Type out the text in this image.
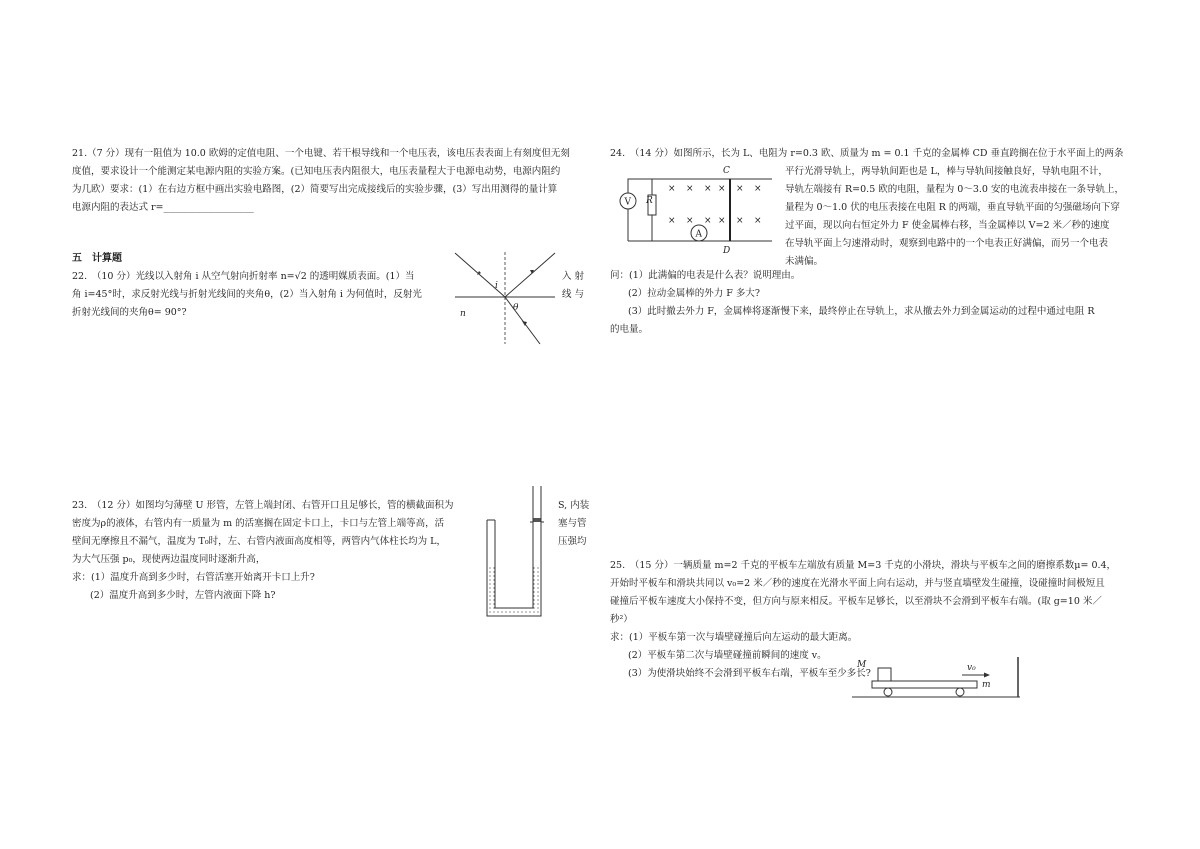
21.（7 分）现有一阻值为 10.0 欧姆的定值电阻、一个电键、若干根导线和一个电压表，该电压表表面上有刻度但无刻

度值，要求设计一个能测定某电源内阻的实验方案。(已知电压表内阻很大，电压表量程大于电源电动势，电源内阻约

为几欧）要求：(1）在右边方框中画出实验电路图，(2）简要写出完成接线后的实验步骤，(3）写出用测得的量计算

电源内阻的表达式 r=___________________

五　计算题

22.　（10 分）光线以入射角 i 从空气射向折射率 n=√2 的透明媒质表面。(1）当

角 i=45°时，求反射光线与折射光线间的夹角θ，(2）当入射角 i 为何值时，反射光

折射光线间的夹角θ= 90°?

入 射

线 与

i
θ
n

23.　（12 分）如图均匀薄壁 U 形管，左管上端封闭、右管开口且足够长，管的横截面积为

密度为ρ的液体，右管内有一质量为 m 的活塞搁在固定卡口上，卡口与左管上端等高，活

壁间无摩擦且不漏气，温度为 T₀时，左、右管内液面高度相等，两管内气体柱长均为 L，

为大气压强 p₀，现使两边温度同时逐渐升高，

求：(1）温度升高到多少时，右管活塞开始离开卡口上升?

(2）温度升高到多少时，左管内液面下降 h?

S, 内装

塞与管

压强均

24.　（14 分）如图所示，长为 L、电阻为 r=0.3 欧、质量为 m = 0.1 千克的金属棒 CD 垂直跨搁在位于水平面上的两条

平行光滑导轨上，两导轨间距也是 L，棒与导轨间接触良好，导轨电阻不计，

导轨左端接有 R=0.5 欧的电阻，量程为 0～3.0 安的电流表串接在一条导轨上，

量程为 0～1.0 伏的电压表接在电阻 R 的两端，垂直导轨平面的匀强磁场向下穿

过平面，现以向右恒定外力 F 使金属棒右移，当金属棒以 V=2 米／秒的速度

在导轨平面上匀速滑动时，观察到电路中的一个电表正好满偏，而另一个电表

未满偏。

问：(1）此满偏的电表是什么表？说明理由。

(2）拉动金属棒的外力 F 多大?

(3）此时撤去外力 F，金属棒将逐渐慢下来，最终停止在导轨上，求从撤去外力到金属运动的过程中通过电阻 R

的电量。

V R
A
C
D
× × × × × ×
× × × × × ×

25.　（15 分）一辆质量 m=2 千克的平板车左端放有质量 M=3 千克的小滑块，滑块与平板车之间的磨擦系数μ= 0.4，

开始时平板车和滑块共同以 v₀=2 米／秒的速度在光滑水平面上向右运动，并与竖直墙壁发生碰撞，设碰撞时间极短且

碰撞后平板车速度大小保持不变，但方向与原来相反。平板车足够长，以至滑块不会滑到平板车右端。(取 g=10 米／

秒²）

求：(1）平板车第一次与墙壁碰撞后向左运动的最大距离。

(2）平板车第二次与墙壁碰撞前瞬间的速度 v。

(3）为使滑块始终不会滑到平板车右端，平板车至少多长?

M
m
v₀
